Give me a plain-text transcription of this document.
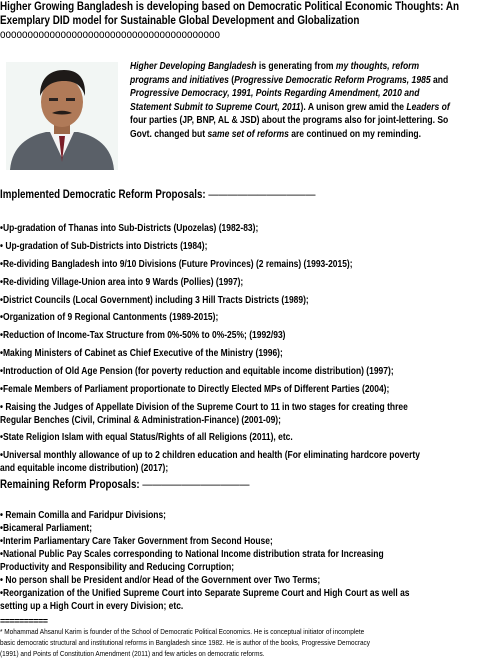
Higher Growing Bangladesh is developing based on Democratic Political Economic Thoughts: An
Exemplary DID model for Sustainable Global Development and Globalization
oooooooooooooooooooooooooooooooooooooooo
Higher Developing Bangladesh is generating from my thoughts, reform
programs and initiatives (Progressive Democratic Reform Programs, 1985 and
Progressive Democracy, 1991, Points Regarding Amendment, 2010 and
Statement Submit to Supreme Court, 2011). A unison grew amid the Leaders of
four parties (JP, BNP, AL & JSD) about the programs also for joint-lettering. So
Govt. changed but same set of reforms are continued on my reminding.
Implemented Democratic Reform Proposals: ———————————
•Up-gradation of Thanas into Sub-Districts (Upozelas) (1982-83);
• Up-gradation of Sub-Districts into Districts (1984);
•Re-dividing Bangladesh into 9/10 Divisions (Future Provinces) (2 remains) (1993-2015);
•Re-dividing Village-Union area into 9 Wards (Pollies) (1997);
•District Councils (Local Government) including 3 Hill Tracts Districts (1989);
•Organization of 9 Regional Cantonments (1989-2015);
•Reduction of Income-Tax Structure from 0%-50% to 0%-25%; (1992/93)
•Making Ministers of Cabinet as Chief Executive of the Ministry (1996);
•Introduction of Old Age Pension (for poverty reduction and equitable income distribution) (1997);
•Female Members of Parliament proportionate to Directly Elected MPs of Different Parties (2004);
• Raising the Judges of Appellate Division of the Supreme Court to 11 in two stages for creating three
Regular Benches (Civil, Criminal & Administration-Finance) (2001-09);
•State Religion Islam with equal Status/Rights of all Religions (2011), etc.
•Universal monthly allowance of up to 2 children education and health (For eliminating hardcore poverty
and equitable income distribution) (2017);
Remaining Reform Proposals: ———————————
• Remain Comilla and Faridpur Divisions;
•Bicameral Parliament;
•Interim Parliamentary Care Taker Government from Second House;
•National Public Pay Scales corresponding to National Income distribution strata for Increasing
Productivity and Responsibility and Reducing Corruption;
• No person shall be President and/or Head of the Government over Two Terms;
•Reorganization of the Unified Supreme Court into Separate Supreme Court and High Court as well as
setting up a High Court in every Division; etc.
==========
* Mohammad Ahsanul Karim is founder of the School of Democratic Political Economics. He is conceptual initiator of incomplete
basic democratic structural and institutional reforms in Bangladesh since 1982. He is author of the books, Progressive Democracy
(1991) and Points of Constitution Amendment (2011) and few articles on democratic reforms.
